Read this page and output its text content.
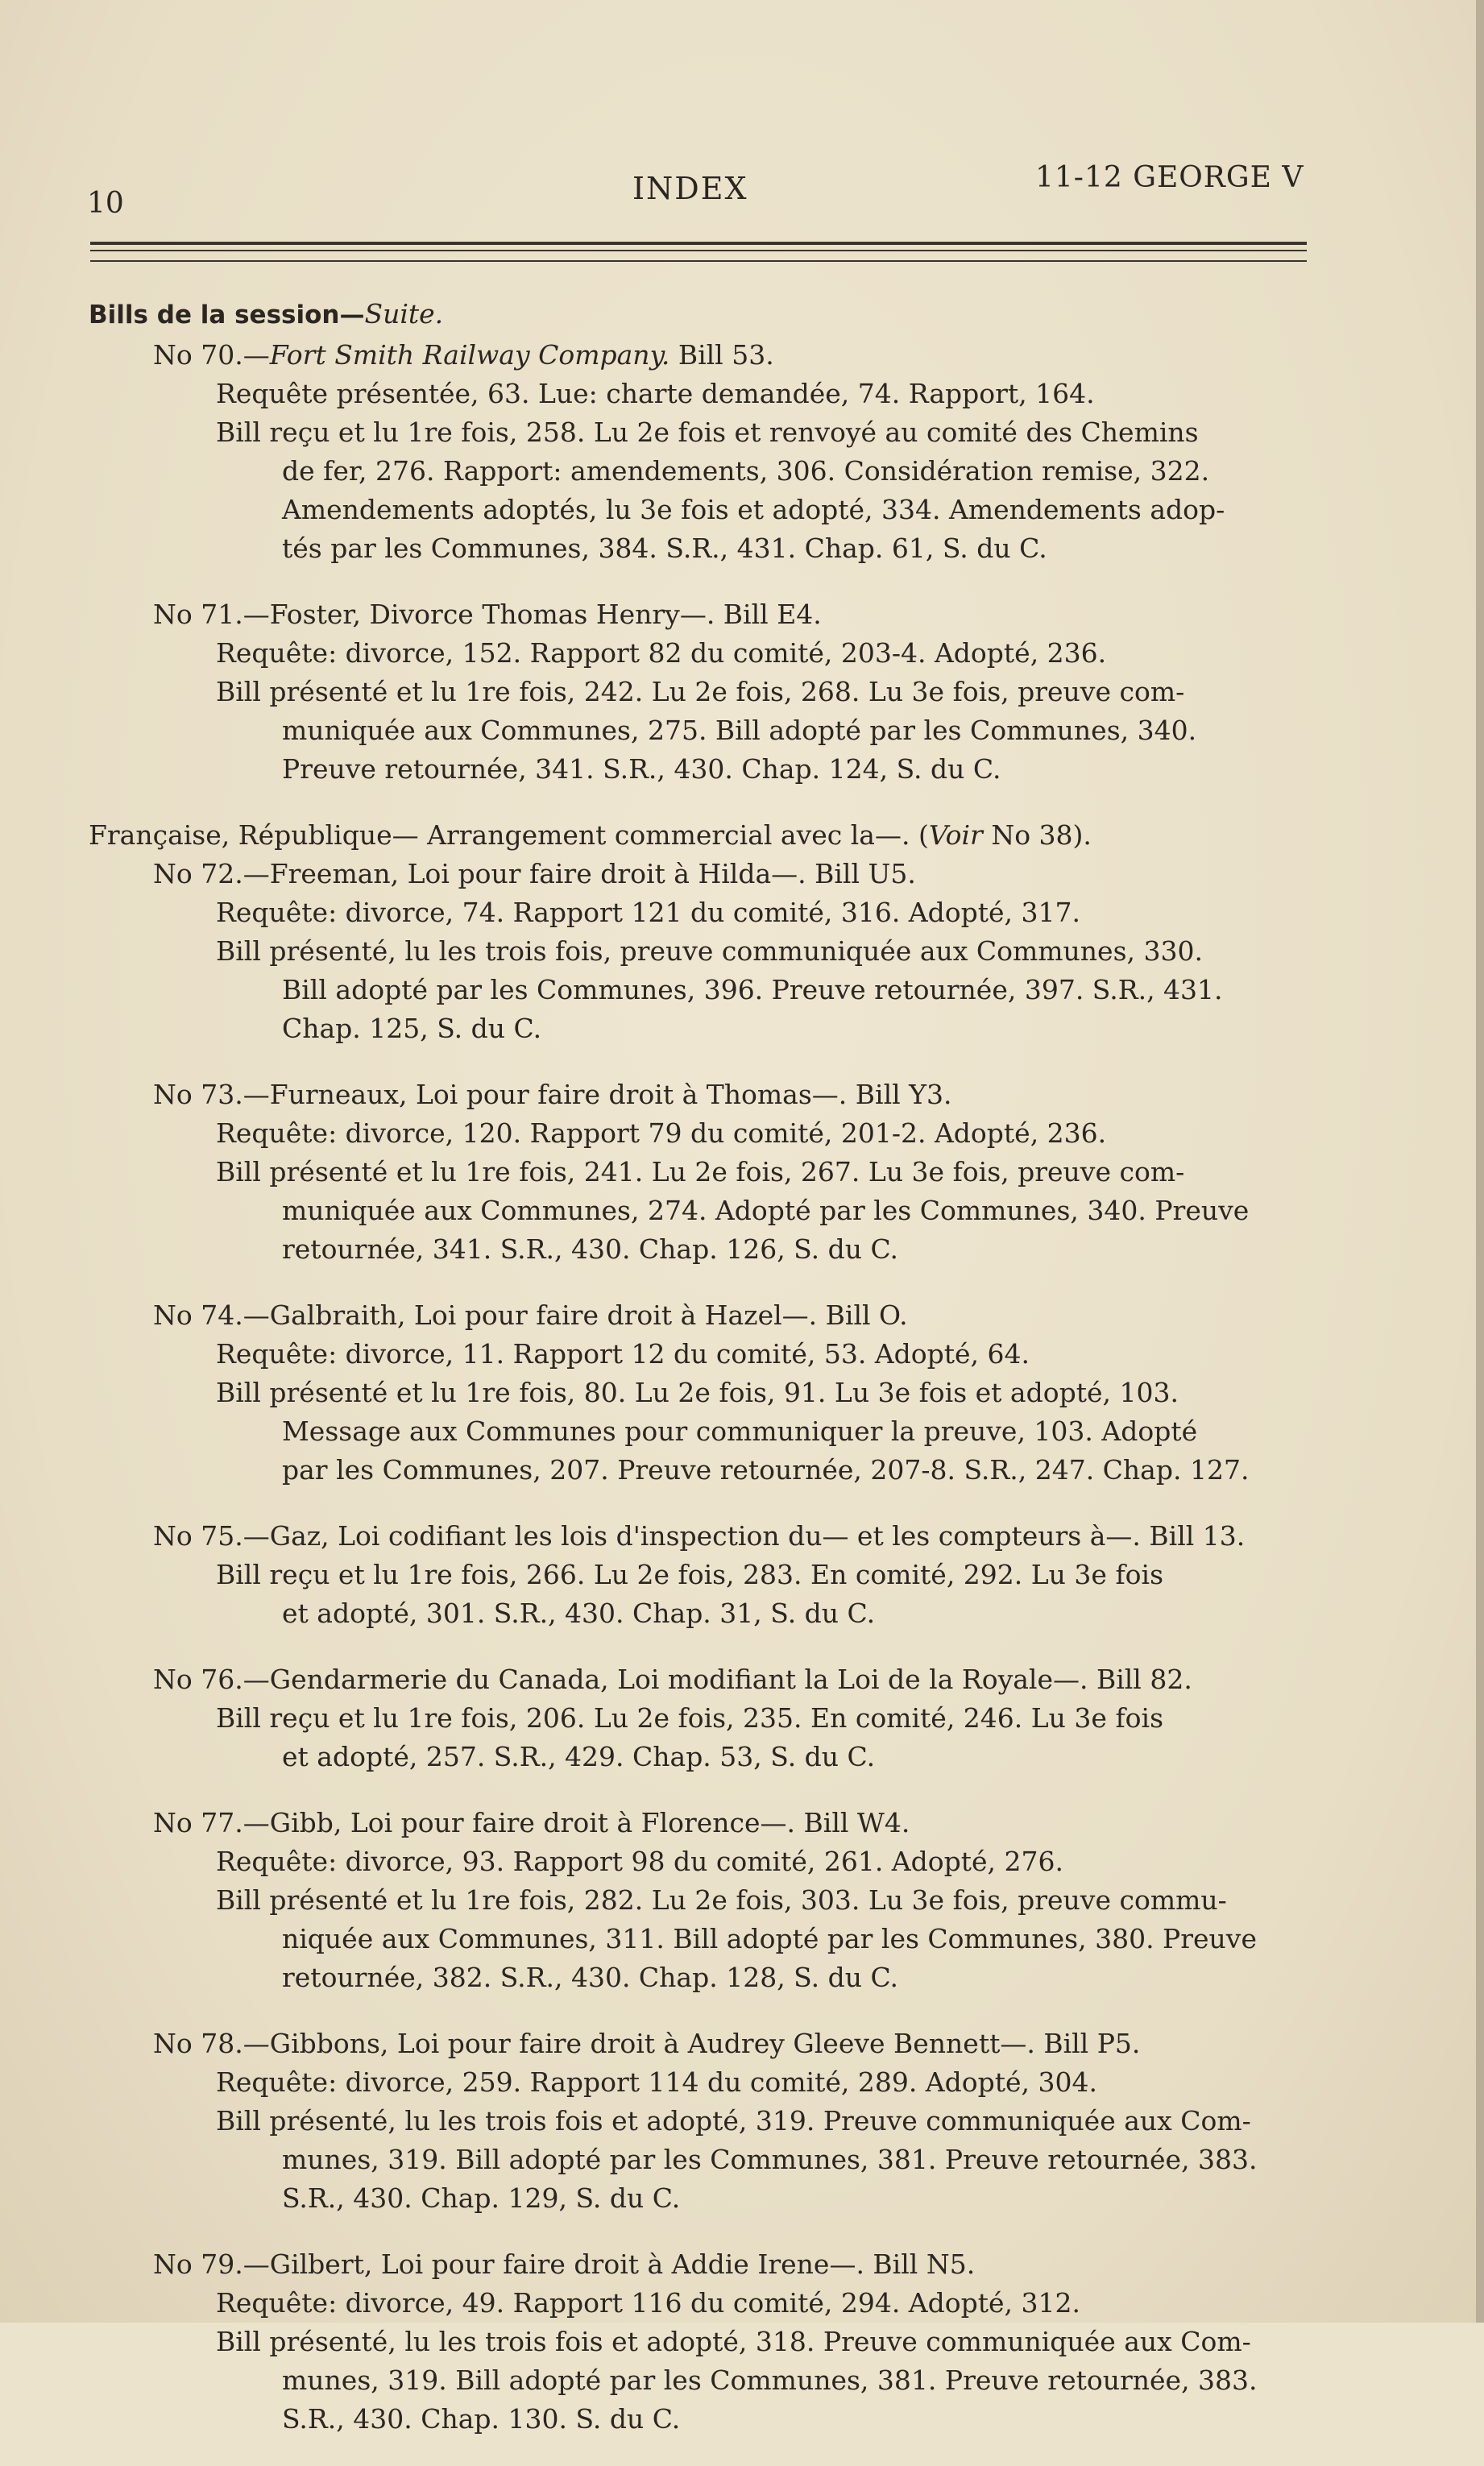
10	INDEX	11-12 GEORGE V
Bills de la session—Suite.
No 70.—Fort Smith Railway Company. Bill 53.
Requête présentée, 63. Lue: charte demandée, 74. Rapport, 164.
Bill reçu et lu 1re fois, 258. Lu 2e fois et renvoyé au comité des Chemins
de fer, 276. Rapport: amendements, 306. Considération remise, 322.
Amendements adoptés, lu 3e fois et adopté, 334. Amendements adop-
tés par les Communes, 384. S.R., 431. Chap. 61, S. du C.
No 71.—Foster, Divorce Thomas Henry—. Bill E4.
Requête: divorce, 152. Rapport 82 du comité, 203-4. Adopté, 236.
Bill présenté et lu 1re fois, 242. Lu 2e fois, 268. Lu 3e fois, preuve com-
muniquée aux Communes, 275. Bill adopté par les Communes, 340.
Preuve retournée, 341. S.R., 430. Chap. 124, S. du C.
Française, République— Arrangement commercial avec la—. (Voir No 38).
No 72.—Freeman, Loi pour faire droit à Hilda—. Bill U5.
Requête: divorce, 74. Rapport 121 du comité, 316. Adopté, 317.
Bill présenté, lu les trois fois, preuve communiquée aux Communes, 330.
Bill adopté par les Communes, 396. Preuve retournée, 397. S.R., 431.
Chap. 125, S. du C.
No 73.—Furneaux, Loi pour faire droit à Thomas—. Bill Y3.
Requête: divorce, 120. Rapport 79 du comité, 201-2. Adopté, 236.
Bill présenté et lu 1re fois, 241. Lu 2e fois, 267. Lu 3e fois, preuve com-
muniquée aux Communes, 274. Adopté par les Communes, 340. Preuve
retournée, 341. S.R., 430. Chap. 126, S. du C.
No 74.—Galbraith, Loi pour faire droit à Hazel—. Bill O.
Requête: divorce, 11. Rapport 12 du comité, 53. Adopté, 64.
Bill présenté et lu 1re fois, 80. Lu 2e fois, 91. Lu 3e fois et adopté, 103.
Message aux Communes pour communiquer la preuve, 103. Adopté
par les Communes, 207. Preuve retournée, 207-8. S.R., 247. Chap. 127.
No 75.—Gaz, Loi codifiant les lois d'inspection du— et les compteurs à—. Bill 13.
Bill reçu et lu 1re fois, 266. Lu 2e fois, 283. En comité, 292. Lu 3e fois
et adopté, 301. S.R., 430. Chap. 31, S. du C.
No 76.—Gendarmerie du Canada, Loi modifiant la Loi de la Royale—. Bill 82.
Bill reçu et lu 1re fois, 206. Lu 2e fois, 235. En comité, 246. Lu 3e fois
et adopté, 257. S.R., 429. Chap. 53, S. du C.
No 77.—Gibb, Loi pour faire droit à Florence—. Bill W4.
Requête: divorce, 93. Rapport 98 du comité, 261. Adopté, 276.
Bill présenté et lu 1re fois, 282. Lu 2e fois, 303. Lu 3e fois, preuve commu-
niquée aux Communes, 311. Bill adopté par les Communes, 380. Preuve
retournée, 382. S.R., 430. Chap. 128, S. du C.
No 78.—Gibbons, Loi pour faire droit à Audrey Gleeve Bennett—. Bill P5.
Requête: divorce, 259. Rapport 114 du comité, 289. Adopté, 304.
Bill présenté, lu les trois fois et adopté, 319. Preuve communiquée aux Com-
munes, 319. Bill adopté par les Communes, 381. Preuve retournée, 383.
S.R., 430. Chap. 129, S. du C.
No 79.—Gilbert, Loi pour faire droit à Addie Irene—. Bill N5.
Requête: divorce, 49. Rapport 116 du comité, 294. Adopté, 312.
Bill présenté, lu les trois fois et adopté, 318. Preuve communiquée aux Com-
munes, 319. Bill adopté par les Communes, 381. Preuve retournée, 383.
S.R., 430. Chap. 130. S. du C.
